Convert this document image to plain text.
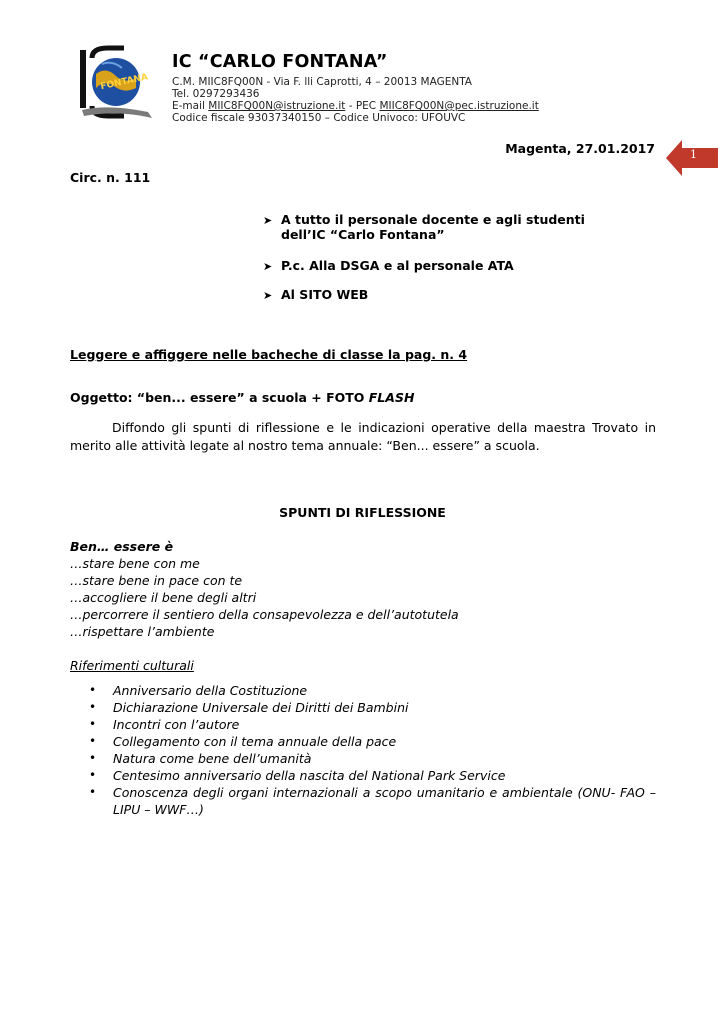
FONTANA
IC “CARLO FONTANA”
C.M. MIIC8FQ00N - Via F. lli Caprotti, 4 – 20013 MAGENTA
Tel. 0297293436
E-mail MIIC8FQ00N@istruzione.it - PEC MIIC8FQ00N@pec.istruzione.it
Codice fiscale 93037340150 – Codice Univoco: UFOUVC
1
Magenta, 27.01.2017
Circ. n. 111
➤ A tutto il personale docente e agli studenti
dell’IC “Carlo Fontana”
➤ P.c. Alla DSGA e al personale ATA
➤ Al SITO WEB
Leggere e affiggere nelle bacheche di classe la pag. n. 4
Oggetto: “ben... essere” a scuola + FOTO FLASH
Diffondo gli spunti di riflessione e le indicazioni operative della maestra Trovato in merito alle attività legate al nostro tema annuale: “Ben... essere” a scuola.
SPUNTI DI RIFLESSIONE
Ben… essere è
…stare bene con me
…stare bene in pace con te
…accogliere il bene degli altri
…percorrere il sentiero della consapevolezza e dell’autotutela
…rispettare l’ambiente
Riferimenti culturali
• Anniversario della Costituzione
• Dichiarazione Universale dei Diritti dei Bambini
• Incontri con l’autore
• Collegamento con il tema annuale della pace
• Natura come bene dell’umanità
• Centesimo anniversario della nascita del National Park Service
• Conoscenza degli organi internazionali a scopo umanitario e ambientale (ONU- FAO – LIPU – WWF…)
